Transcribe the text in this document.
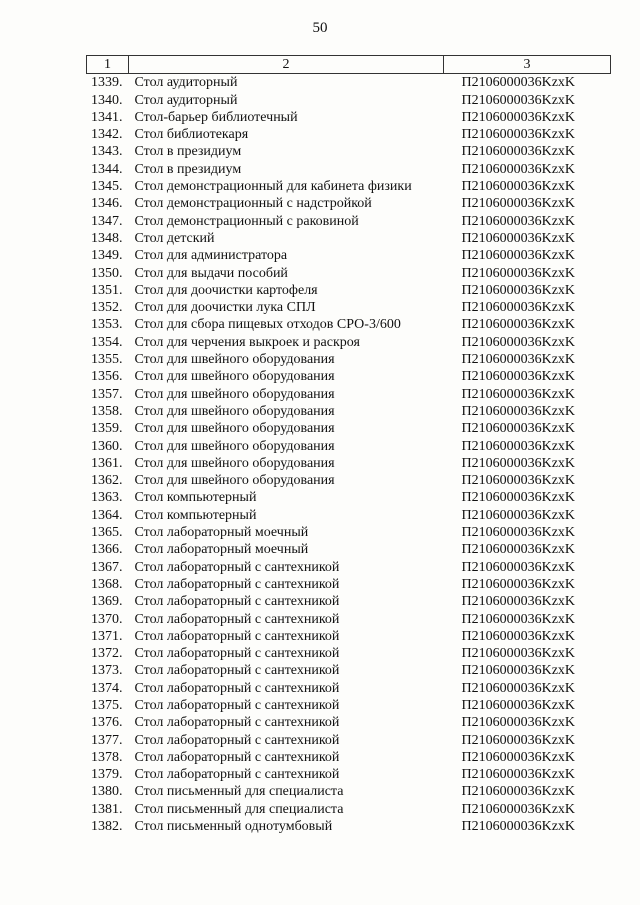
50
1	2	3
1339.	Стол аудиторный	П2106000036KzxK
1340.	Стол аудиторный	П2106000036KzxK
1341.	Стол-барьер библиотечный	П2106000036KzxK
1342.	Стол библиотекаря	П2106000036KzxK
1343.	Стол в президиум	П2106000036KzxK
1344.	Стол в президиум	П2106000036KzxK
1345.	Стол демонстрационный для кабинета физики	П2106000036KzxK
1346.	Стол демонстрационный с надстройкой	П2106000036KzxK
1347.	Стол демонстрационный с раковиной	П2106000036KzxK
1348.	Стол детский	П2106000036KzxK
1349.	Стол для администратора	П2106000036KzxK
1350.	Стол для выдачи пособий	П2106000036KzxK
1351.	Стол для доочистки картофеля	П2106000036KzxK
1352.	Стол для доочистки лука СПЛ	П2106000036KzxK
1353.	Стол для сбора пищевых отходов СРО-3/600	П2106000036KzxK
1354.	Стол для черчения выкроек и раскроя	П2106000036KzxK
1355.	Стол для швейного оборудования	П2106000036KzxK
1356.	Стол для швейного оборудования	П2106000036KzxK
1357.	Стол для швейного оборудования	П2106000036KzxK
1358.	Стол для швейного оборудования	П2106000036KzxK
1359.	Стол для швейного оборудования	П2106000036KzxK
1360.	Стол для швейного оборудования	П2106000036KzxK
1361.	Стол для швейного оборудования	П2106000036KzxK
1362.	Стол для швейного оборудования	П2106000036KzxK
1363.	Стол компьютерный	П2106000036KzxK
1364.	Стол компьютерный	П2106000036KzxK
1365.	Стол лабораторный моечный	П2106000036KzxK
1366.	Стол лабораторный моечный	П2106000036KzxK
1367.	Стол лабораторный с сантехникой	П2106000036KzxK
1368.	Стол лабораторный с сантехникой	П2106000036KzxK
1369.	Стол лабораторный с сантехникой	П2106000036KzxK
1370.	Стол лабораторный с сантехникой	П2106000036KzxK
1371.	Стол лабораторный с сантехникой	П2106000036KzxK
1372.	Стол лабораторный с сантехникой	П2106000036KzxK
1373.	Стол лабораторный с сантехникой	П2106000036KzxK
1374.	Стол лабораторный с сантехникой	П2106000036KzxK
1375.	Стол лабораторный с сантехникой	П2106000036KzxK
1376.	Стол лабораторный с сантехникой	П2106000036KzxK
1377.	Стол лабораторный с сантехникой	П2106000036KzxK
1378.	Стол лабораторный с сантехникой	П2106000036KzxK
1379.	Стол лабораторный с сантехникой	П2106000036KzxK
1380.	Стол письменный для специалиста	П2106000036KzxK
1381.	Стол письменный для специалиста	П2106000036KzxK
1382.	Стол письменный однотумбовый	П2106000036KzxK
